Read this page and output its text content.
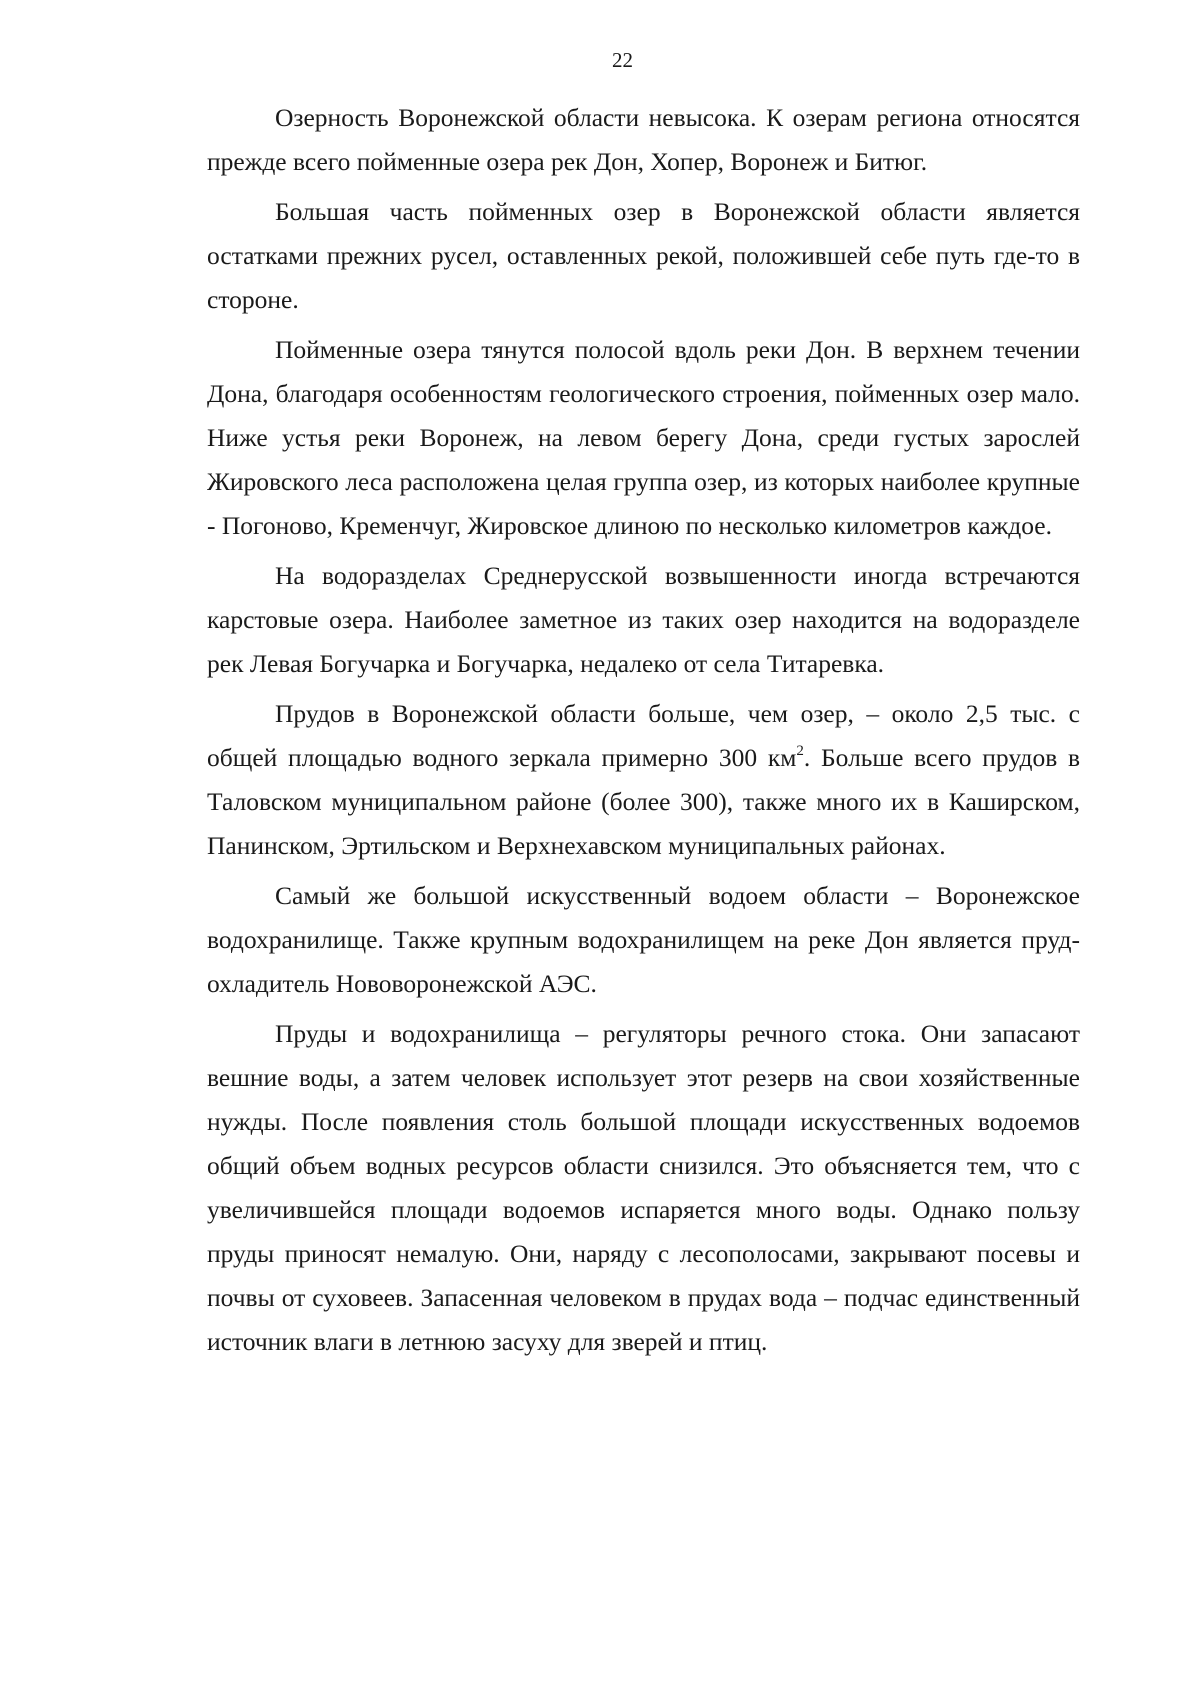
22

Озерность Воронежской области невысока. К озерам региона относятся прежде всего пойменные озера рек Дон, Хопер, Воронеж и Битюг.

Большая часть пойменных озер в Воронежской области является остатками прежних русел, оставленных рекой, положившей себе путь где-то в стороне.

Пойменные озера тянутся полосой вдоль реки Дон. В верхнем течении Дона, благодаря особенностям геологического строения, пойменных озер мало. Ниже устья реки Воронеж, на левом берегу Дона, среди густых зарослей Жировского леса расположена целая группа озер, из которых наиболее крупные - Погоново, Кременчуг, Жировское длиною по несколько километров каждое.

На водоразделах Среднерусской возвышенности иногда встречаются карстовые озера. Наиболее заметное из таких озер находится на водоразделе рек Левая Богучарка и Богучарка, недалеко от села Титаревка.

Прудов в Воронежской области больше, чем озер, – около 2,5 тыс. с общей площадью водного зеркала примерно 300 $км^2$. Больше всего прудов в Таловском муниципальном районе (более 300), также много их в Каширском, Панинском, Эртильском и Верхнехавском муниципальных районах.

Самый же большой искусственный водоем области – Воронежское водохранилище. Также крупным водохранилищем на реке Дон является пруд-охладитель Нововоронежской АЭС.

Пруды и водохранилища – регуляторы речного стока. Они запасают вешние воды, а затем человек использует этот резерв на свои хозяйственные нужды. После появления столь большой площади искусственных водоемов общий объем водных ресурсов области снизился. Это объясняется тем, что с увеличившейся площади водоемов испаряется много воды. Однако пользу пруды приносят немалую. Они, наряду с лесополосами, закрывают посевы и почвы от суховеев. Запасенная человеком в прудах вода – подчас единственный источник влаги в летнюю засуху для зверей и птиц.
